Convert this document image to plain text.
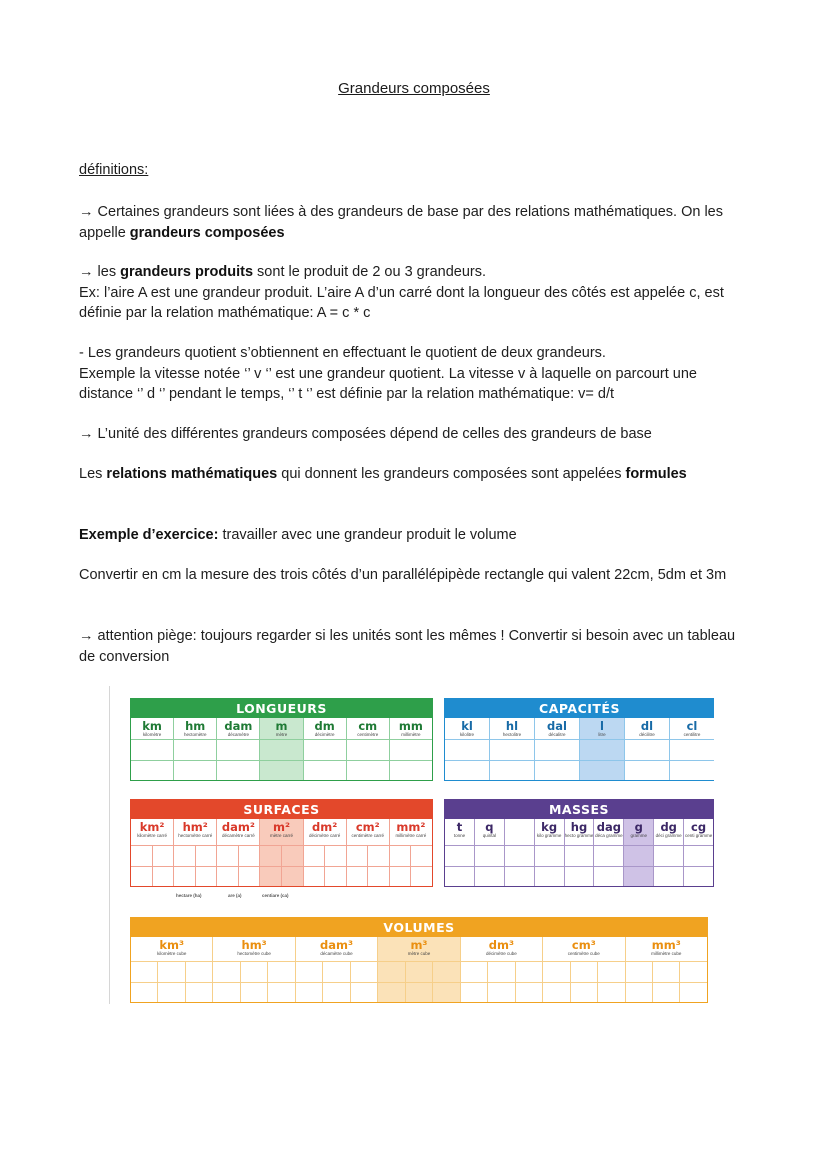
Grandeurs composées
définitions:
→ Certaines grandeurs sont liées à des grandeurs de base par des relations mathématiques. On les appelle grandeurs composées
→ les grandeurs produits sont le produit de 2 ou 3 grandeurs.
Ex: l’aire A est une grandeur produit. L’aire A d’un carré dont la longueur des côtés est appelée c, est définie par la relation mathématique: A = c * c
- Les grandeurs quotient s’obtiennent en effectuant le quotient de deux grandeurs.
Exemple la vitesse notée ‘’ v ‘’ est une grandeur quotient. La vitesse v à laquelle on parcourt une distance ‘’ d ‘’ pendant le temps, ‘’ t ‘’ est définie par la relation mathématique: v= d/t
→ L’unité des différentes grandeurs composées dépend de celles des grandeurs de base
Les relations mathématiques qui donnent les grandeurs composées sont appelées formules
Exemple d’exercice: travailler avec une grandeur produit le volume
Convertir en cm la mesure des trois côtés d’un parallélépipède rectangle qui valent 22cm, 5dm et 3m
→ attention piège: toujours regarder si les unités sont les mêmes ! Convertir si besoin avec un tableau de conversion
LONGUEURS
km
kilomètre
hm
hectomètre
dam
décamètre
m
mètre
dm
décimètre
cm
centimètre
mm
millimètre
CAPACITÉS
kl
kilolitre
hl
hectolitre
dal
décalitre
l
litre
dl
décilitre
cl
centilitre
SURFACES
km²
kilomètre carré
hm²
hectomètre carré
dam²
décamètre carré
m²
mètre carré
dm²
décimètre carré
cm²
centimètre carré
mm²
millimètre carré
hectare (ha)	are (a)	centiare (ca)
MASSES
t
tonne
q
quintal
kg
kilo gramme
hg
hecto gramme
dag
déca gramme
g
gramme
dg
déci gramme
cg
centi gramme
VOLUMES
km³
kilomètre cube
hm³
hectomètre cube
dam³
décamètre cube
m³
mètre cube
dm³
décimètre cube
cm³
centimètre cube
mm³
millimètre cube
